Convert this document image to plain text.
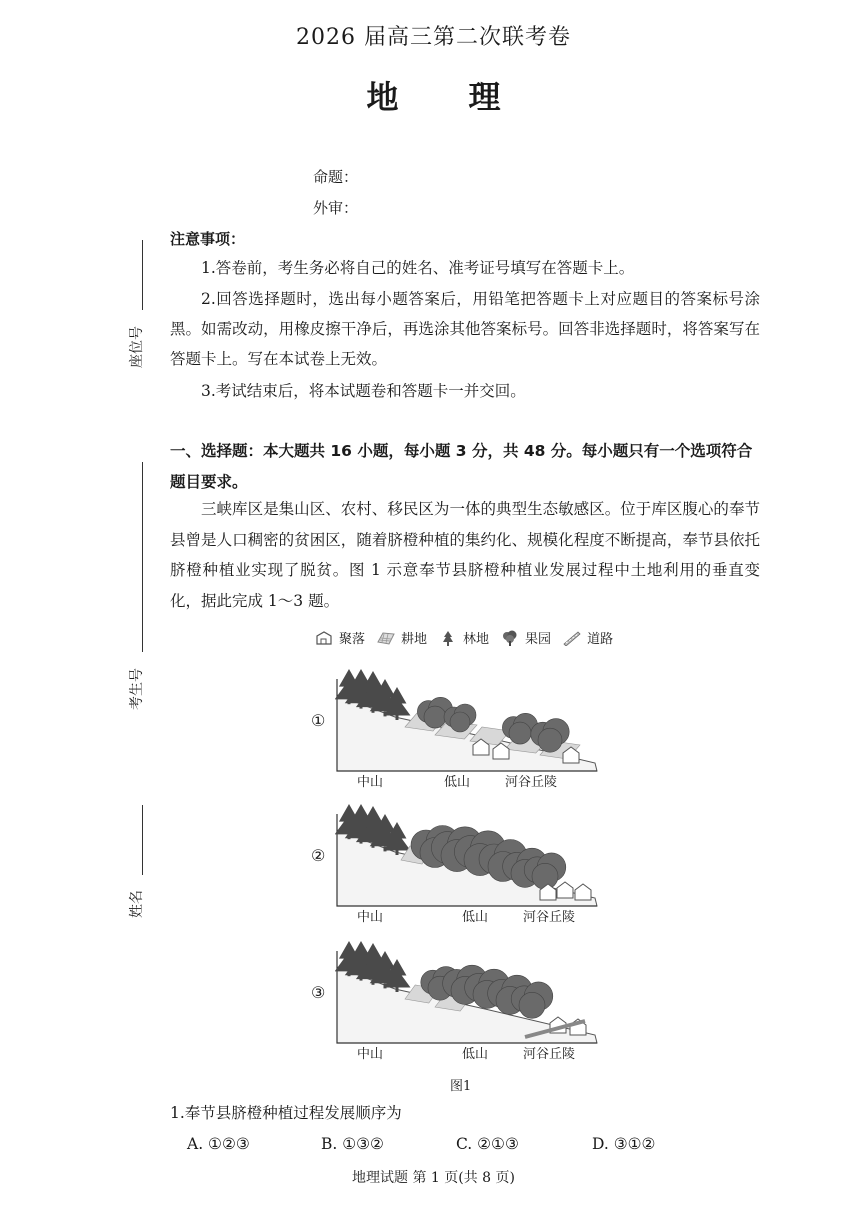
2026 届高三第二次联考卷
地理
命题：
外审：
座位号
考生号
姓名
注意事项：
1.答卷前，考生务必将自己的姓名、准考证号填写在答题卡上。
2.回答选择题时，选出每小题答案后，用铅笔把答题卡上对应题目的答案标号涂黑。如需改动，用橡皮擦干净后，再选涂其他答案标号。回答非选择题时，将答案写在答题卡上。写在本试卷上无效。
3.考试结束后，将本试题卷和答题卡一并交回。
一、选择题：本大题共 16 小题，每小题 3 分，共 48 分。每小题只有一个选项符合题目要求。
三峡库区是集山区、农村、移民区为一体的典型生态敏感区。位于库区腹心的奉节县曾是人口稠密的贫困区，随着脐橙种植的集约化、规模化程度不断提高，奉节县依托脐橙种植业实现了脱贫。图 1 示意奉节县脐橙种植业发展过程中土地利用的垂直变化，据此完成 1～3 题。
聚落	耕地	林地	果园	道路
①
中山	低山	河谷丘陵
②
中山	低山	河谷丘陵
③
中山	低山	河谷丘陵
图1
1.奉节县脐橙种植过程发展顺序为
A. ①②③	B. ①③②	C. ②①③	D. ③①②
地理试题 第 1 页(共 8 页)
